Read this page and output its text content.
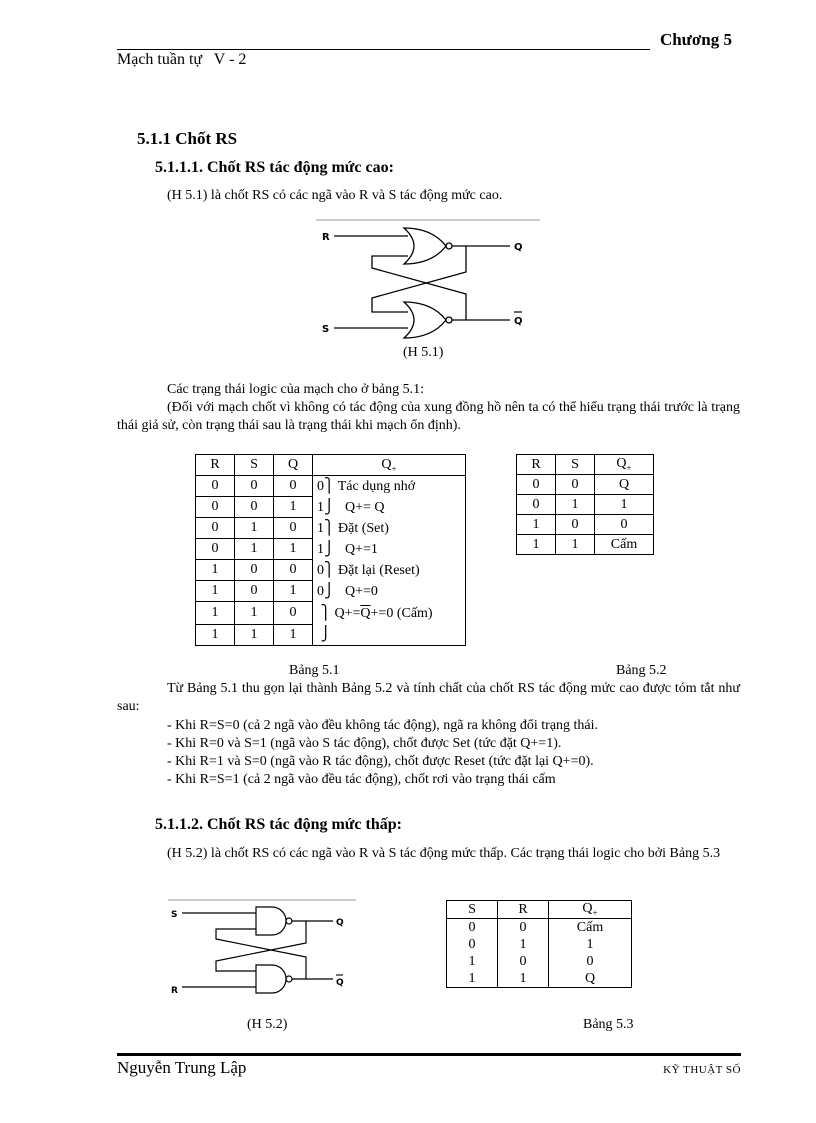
Chương 5
Mạch tuần tự   V - 2
5.1.1 Chốt RS
5.1.1.1. Chốt RS tác động mức cao:
(H 5.1) là chốt RS có các ngã vào R và S tác động mức cao.
R
S
Q
Q
(H 5.1)
Các trạng thái logic của mạch cho ở bảng 5.1:
(Đối với mạch chốt vì không có tác động của xung đồng hồ nên ta có thể hiểu trạng thái trước là trạng thái giả sử, còn trạng thái sau là trạng thái khi mạch ổn định).
R	S	Q	$Q_+$
0	0	0	0⎫ Tác dụng nhớ
0	0	1	1⎭   Q+= Q
0	1	0	1⎫ Đặt (Set)
0	1	1	1⎭   Q+=1
1	0	0	0⎫ Đặt lại (Reset)
1	0	1	0⎭   Q+=0
1	1	0	⎫ $Q+=\overline{Q}+=0$ (Cấm)
1	1	1	⎭
R	S	$Q_+$
0	0	Q
0	1	1
1	0	0
1	1	Cấm
Bảng 5.1	Bảng 5.2
Từ Bảng 5.1 thu gọn lại thành Bảng 5.2 và tính chất của chốt RS tác động mức cao được tóm tắt như sau:
- Khi R=S=0 (cả 2 ngã vào đều không tác động), ngã ra không đổi trạng thái.
- Khi R=0 và S=1 (ngã vào S tác động), chốt được Set (tức đặt Q+=1).
- Khi R=1 và S=0 (ngã vào R tác động), chốt được Reset (tức đặt lại Q+=0).
- Khi R=S=1 (cả 2 ngã vào đều tác động), chốt rơi vào trạng thái cấm
5.1.1.2. Chốt RS tác động mức thấp:
(H 5.2) là chốt RS có các ngã vào R và S tác động mức thấp. Các trạng thái logic cho bởi Bảng 5.3
S
R
Q
Q
(H 5.2)
S	R	$Q_+$
0	0	Cấm
0	1	1
1	0	0
1	1	Q
Bảng 5.3
Nguyễn Trung Lập	KỸ THUẬT SỐ
